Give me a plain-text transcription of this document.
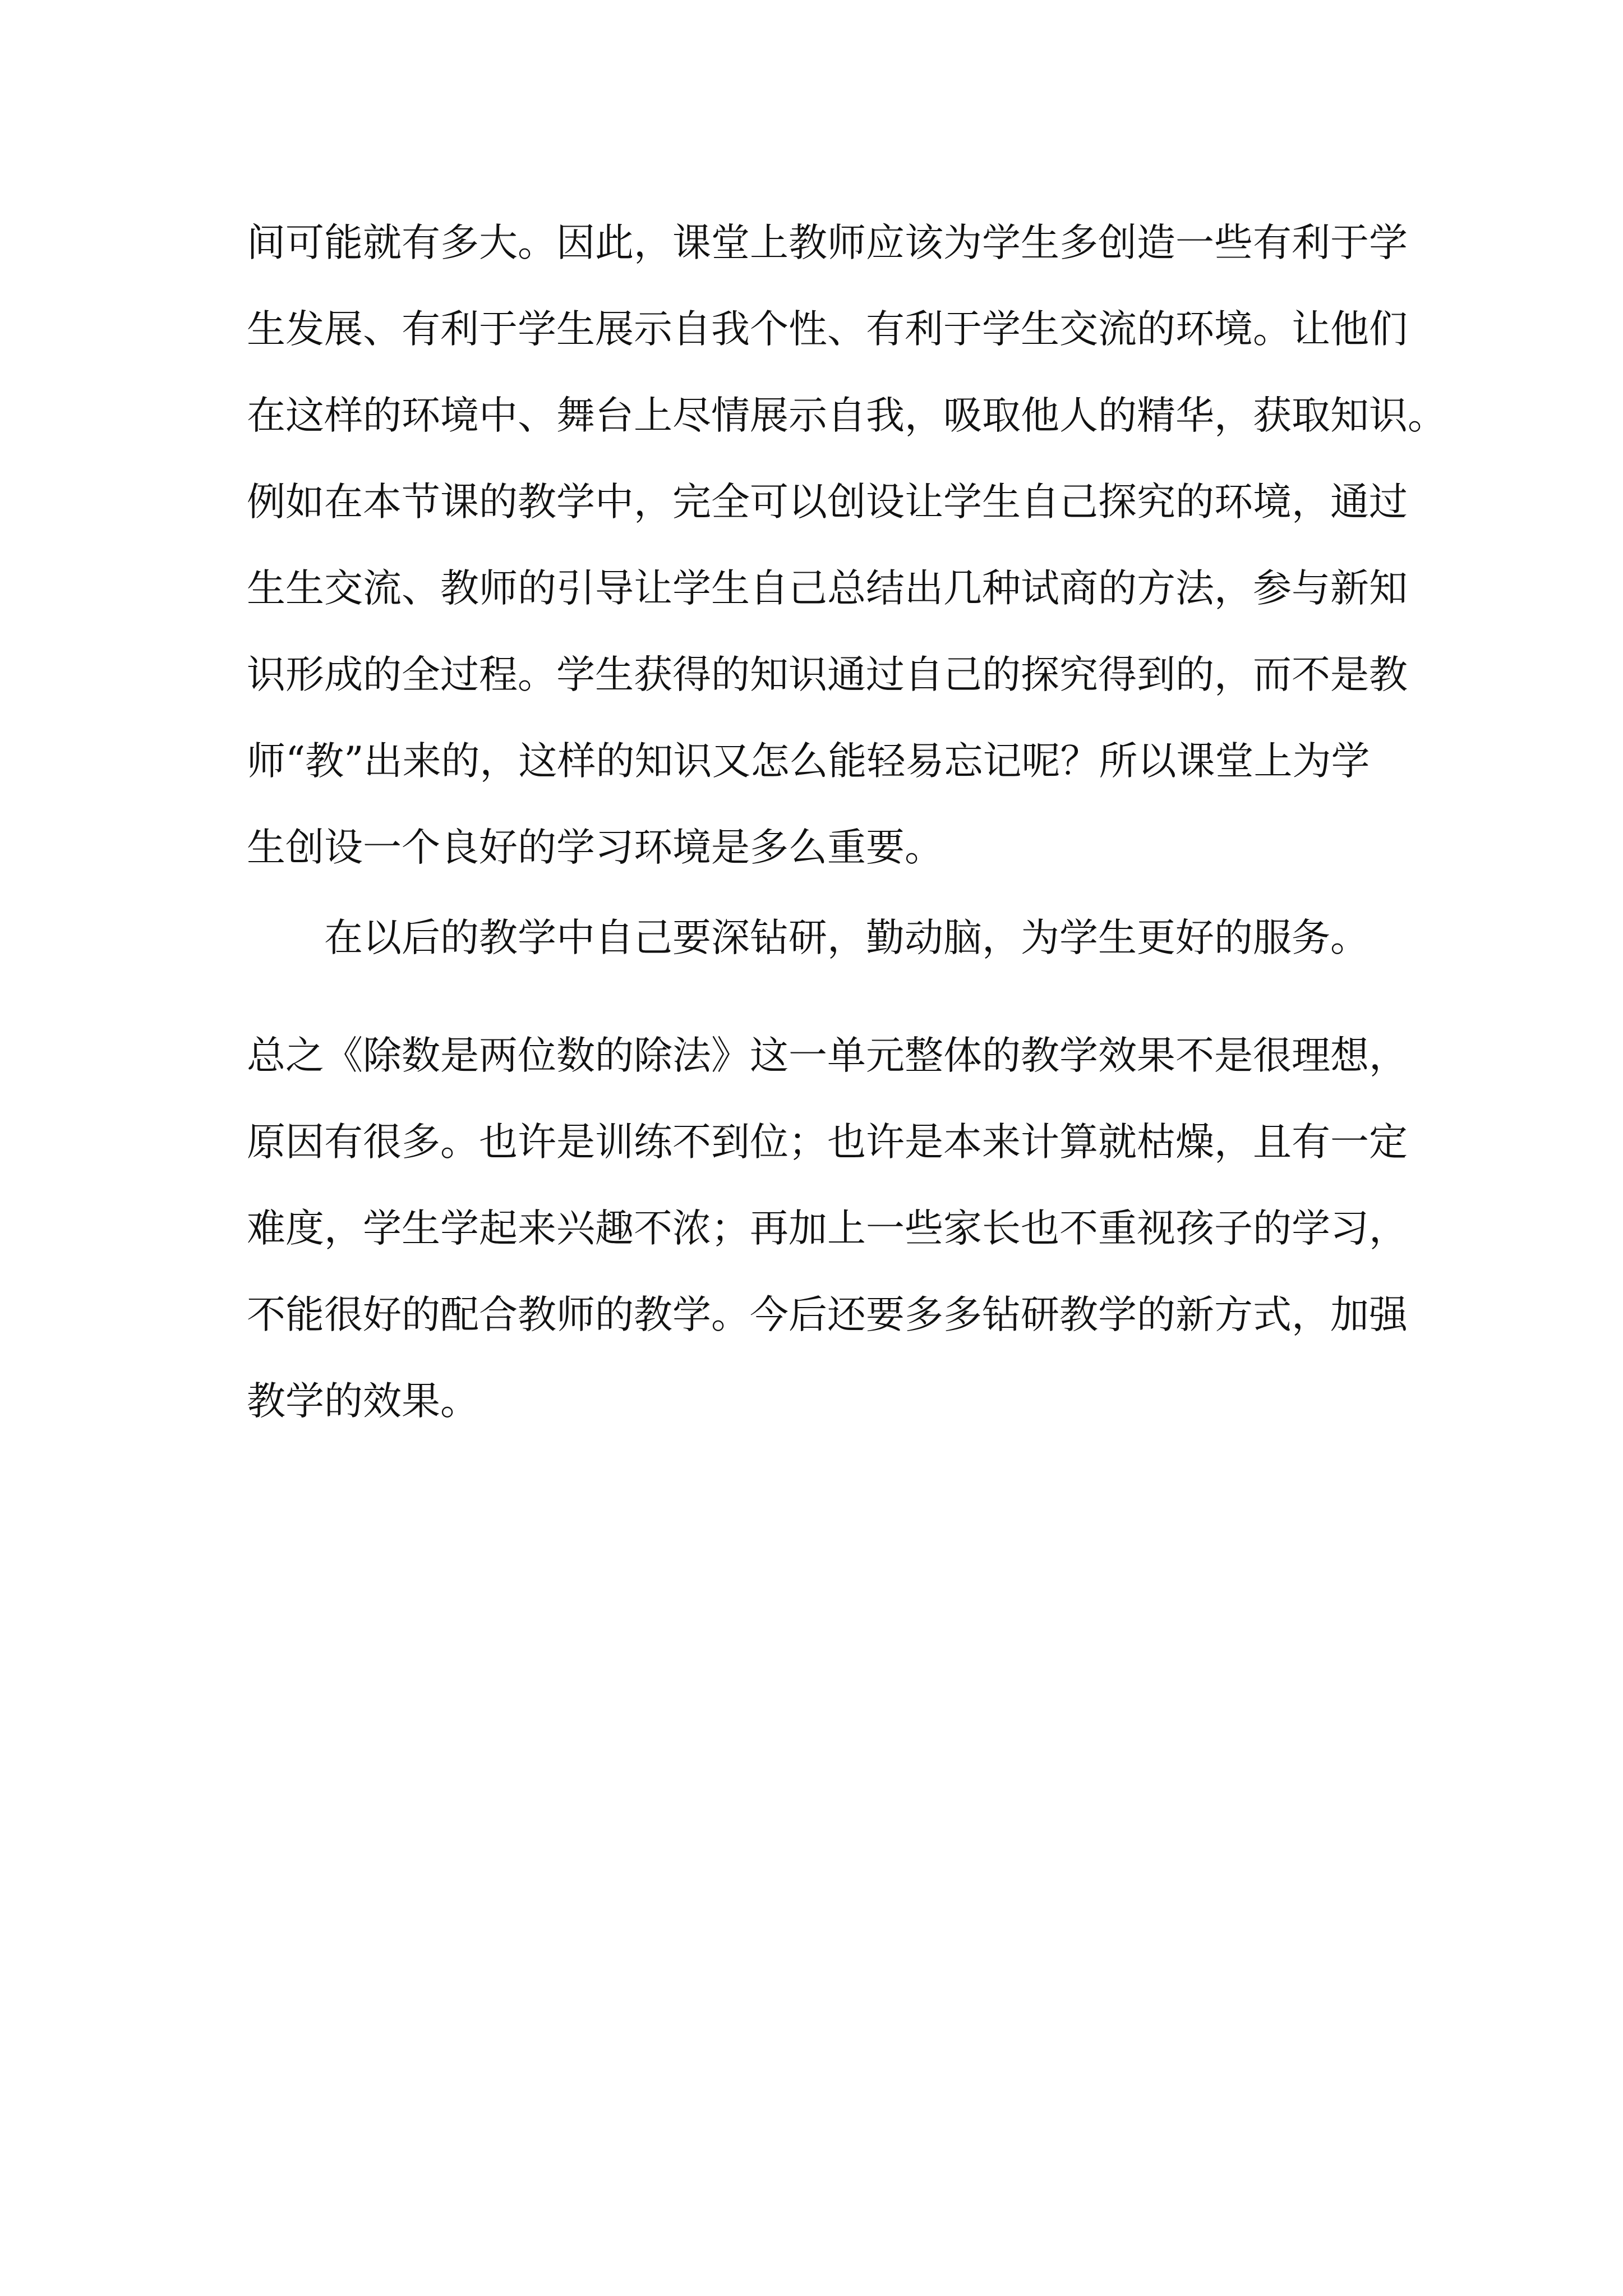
间可能就有多大。因此，课堂上教师应该为学生多创造一些有利于学
生发展、有利于学生展示自我个性、有利于学生交流的环境。让他们
在这样的环境中、舞台上尽情展示自我，吸取他人的精华，获取知识。
例如在本节课的教学中，完全可以创设让学生自己探究的环境，通过
生生交流、教师的引导让学生自己总结出几种试商的方法，参与新知
识形成的全过程。学生获得的知识通过自己的探究得到的，而不是教
师“教”出来的，这样的知识又怎么能轻易忘记呢？所以课堂上为学
生创设一个良好的学习环境是多么重要。
在以后的教学中自己要深钻研，勤动脑，为学生更好的服务。
总之《除数是两位数的除法》这一单元整体的教学效果不是很理想，
原因有很多。也许是训练不到位；也许是本来计算就枯燥，且有一定
难度，学生学起来兴趣不浓；再加上一些家长也不重视孩子的学习，
不能很好的配合教师的教学。今后还要多多钻研教学的新方式，加强
教学的效果。
